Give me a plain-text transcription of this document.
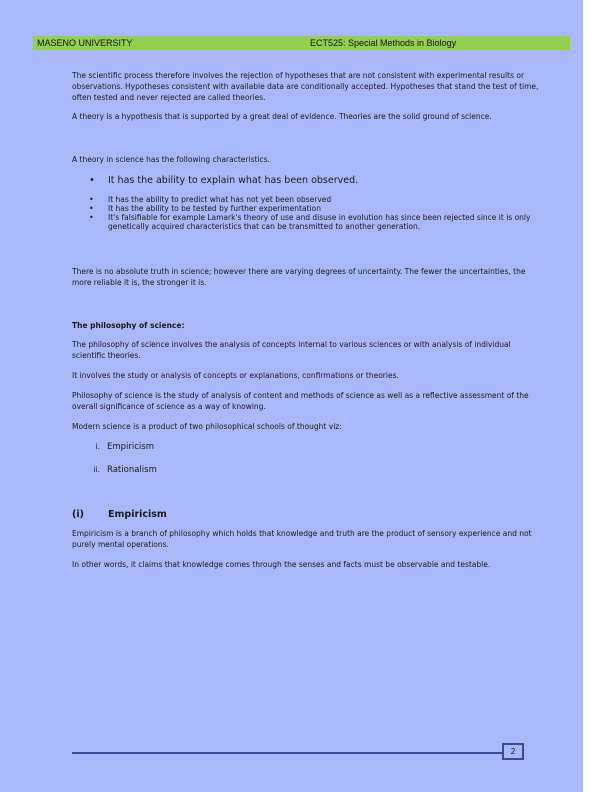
MASENO UNIVERSITY	ECT525: Special Methods in Biology

The scientific process therefore involves the rejection of hypotheses that are not consistent with experimental results or observations. Hypotheses consistent with available data are conditionally accepted. Hypotheses that stand the test of time, often tested and never rejected are called theories.

A theory is a hypothesis that is supported by a great deal of evidence. Theories are the solid ground of science.

A theory in science has the following characteristics.

• It has the ability to explain what has been observed.
• It has the ability to predict what has not yet been observed
• It has the ability to be tested by further experimentation
• It's falsifiable for example Lamark's theory of use and disuse in evolution has since been rejected since it is only genetically acquired characteristics that can be transmitted to another generation.

There is no absolute truth in science; however there are varying degrees of uncertainty. The fewer the uncertainties, the more reliable it is, the stronger it is.

The philosophy of science:

The philosophy of science involves the analysis of concepts internal to various sciences or with analysis of individual scientific theories.

It involves the study or analysis of concepts or explanations, confirmations or theories.

Philosophy of science is the study of analysis of content and methods of science as well as a reflective assessment of the overall significance of science as a way of knowing.

Modern science is a product of two philosophical schools of thought viz:

i. Empiricism
ii. Rationalism

(i)	Empiricism

Empiricism is a branch of philosophy which holds that knowledge and truth are the product of sensory experience and not purely mental operations.

In other words, it claims that knowledge comes through the senses and facts must be observable and testable.

2
